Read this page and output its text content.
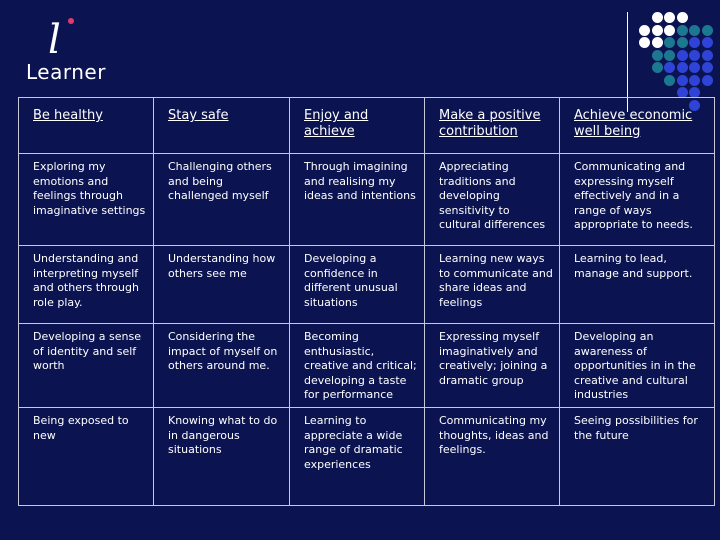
l
Learner
Be healthy	Stay safe	Enjoy and achieve	Make a positive contribution	Achieve economic well being
Exploring my emotions and feelings through imaginative settings	Challenging others and being challenged myself	Through imagining and realising my ideas and intentions	Appreciating traditions and developing sensitivity to cultural differences	Communicating and expressing myself effectively and in a range of ways appropriate to needs.
Understanding and interpreting myself and others through role play.	Understanding how others see me	Developing a confidence in different unusual situations	Learning new ways to communicate and share ideas and feelings	Learning to lead, manage and support.
Developing a sense of identity and self worth	Considering the impact of myself on others around me.	Becoming enthusiastic, creative and critical; developing a taste for performance	Expressing myself imaginatively and creatively; joining a dramatic group	Developing an awareness of opportunities in in the creative and cultural industries
Being exposed to new	Knowing what to do in dangerous situations	Learning to appreciate a wide range of dramatic experiences	Communicating my thoughts, ideas and feelings.	Seeing possibilities for the future
